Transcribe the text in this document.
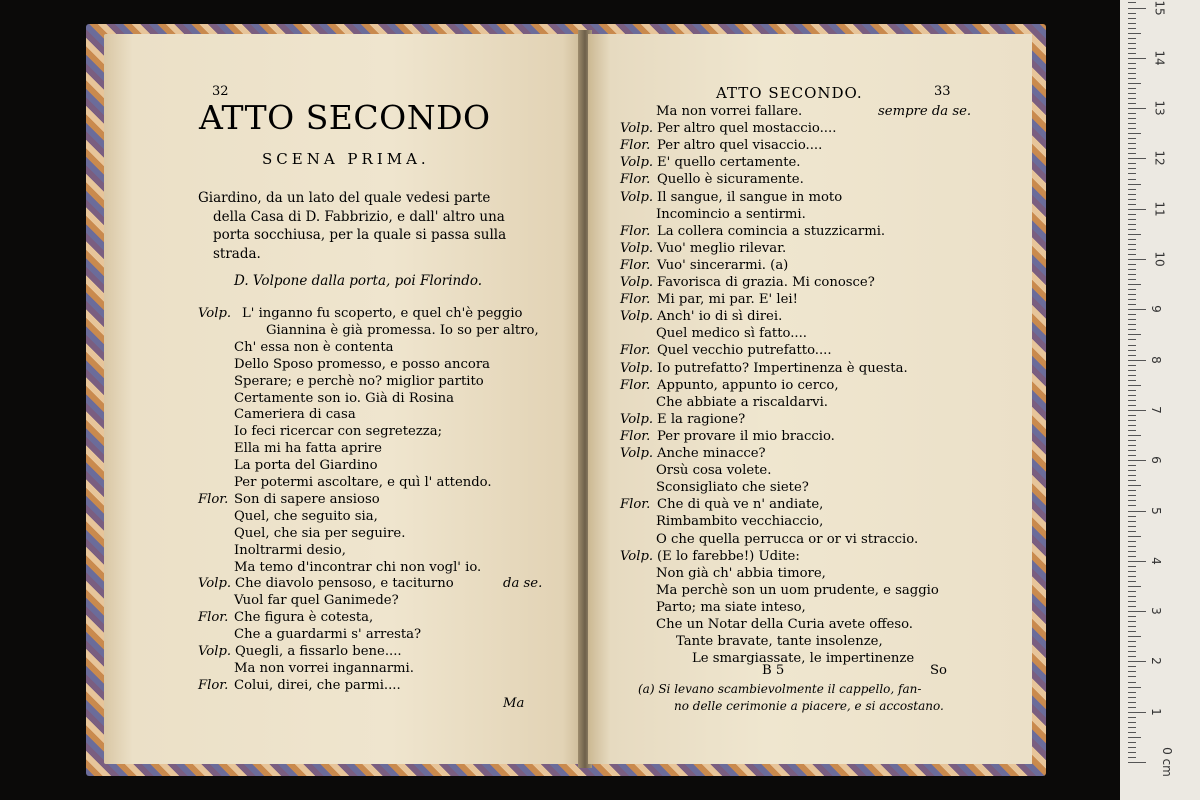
32
ATTO SECONDO
SCENA PRIMA.
Giardino, da un lato del quale vedesi parte
della Casa di D. Fabbrizio, e dall' altro una
porta socchiusa, per la quale si passa sulla
strada.
D. Volpone dalla porta, poi Florindo.
Volp. L' inganno fu scoperto, e quel ch'è peggio
Giannina è già promessa. Io so per altro,
Ch' essa non è contenta
Dello Sposo promesso, e posso ancora
Sperare; e perchè no? miglior partito
Certamente son io. Già di Rosina
Cameriera di casa
Io feci ricercar con segretezza;
Ella mi ha fatta aprire
La porta del Giardino
Per potermi ascoltare, e quì l' attendo.
Flor. Son di sapere ansioso
Quel, che seguito sia,
Quel, che sia per seguire.
Inoltrarmi desio,
Ma temo d'incontrar chi non vogl' io.
Volp. Che diavolo pensoso, e taciturno	da se.
Vuol far quel Ganimede?
Flor. Che figura è cotesta,
Che a guardarmi s' arresta?
Volp. Quegli, a fissarlo bene....
Ma non vorrei ingannarmi.
Flor. Colui, direi, che parmi....
Ma
ATTO SECONDO.	33
Ma non vorrei fallare.	sempre da se.
Volp. Per altro quel mostaccio....
Flor. Per altro quel visaccio....
Volp. E' quello certamente.
Flor. Quello è sicuramente.
Volp. Il sangue, il sangue in moto
Incomincio a sentirmi.
Flor. La collera comincia a stuzzicarmi.
Volp. Vuo' meglio rilevar.
Flor. Vuo' sincerarmi. (a)
Volp. Favorisca di grazia. Mi conosce?
Flor. Mi par, mi par. E' lei!
Volp. Anch' io di sì direi.
Quel medico sì fatto....
Flor. Quel vecchio putrefatto....
Volp. Io putrefatto? Impertinenza è questa.
Flor. Appunto, appunto io cerco,
Che abbiate a riscaldarvi.
Volp. E la ragione?
Flor. Per provare il mio braccio.
Volp. Anche minacce?
Orsù cosa volete.
Sconsigliato che siete?
Flor. Che di quà ve n' andiate,
Rimbambito vecchiaccio,
O che quella perrucca or or vi straccio.
Volp. (E lo farebbe!) Udite:
Non già ch' abbia timore,
Ma perchè son un uom prudente, e saggio
Parto; ma siate inteso,
Che un Notar della Curia avete offeso.
Tante bravate, tante insolenze,
Le smargiassate, le impertinenze
B 5	So
(a) Si levano scambievolmente il cappello, fan-
no delle cerimonie a piacere, e si accostano.
0 cm
1
2
3
4
5
6
7
8
9
10
11
12
13
14
15
